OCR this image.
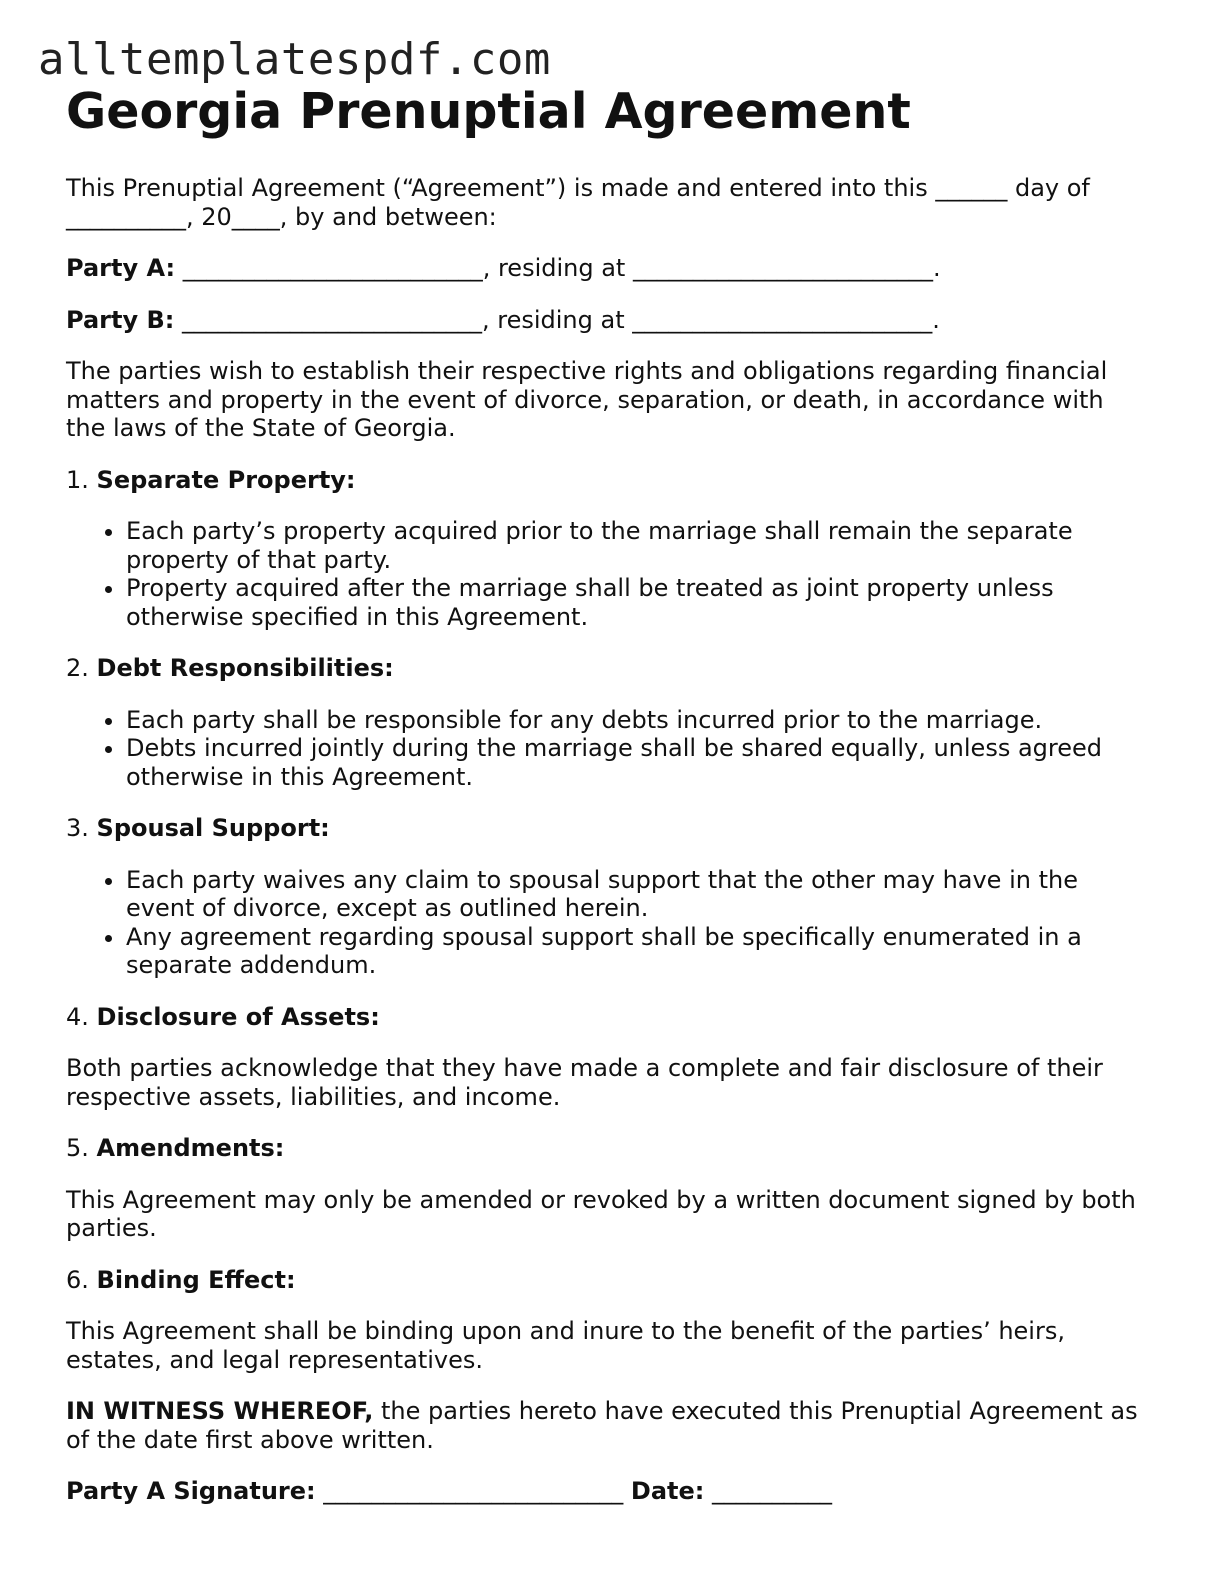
alltemplatespdf.com
Georgia Prenuptial Agreement

This Prenuptial Agreement (“Agreement”) is made and entered into this ______ day of __________, 20____, by and between:

Party A: _________________________, residing at _________________________.

Party B: _________________________, residing at _________________________.

The parties wish to establish their respective rights and obligations regarding financial matters and property in the event of divorce, separation, or death, in accordance with the laws of the State of Georgia.

1. Separate Property:
• Each party’s property acquired prior to the marriage shall remain the separate property of that party.
• Property acquired after the marriage shall be treated as joint property unless otherwise specified in this Agreement.
2. Debt Responsibilities:
• Each party shall be responsible for any debts incurred prior to the marriage.
• Debts incurred jointly during the marriage shall be shared equally, unless agreed otherwise in this Agreement.
3. Spousal Support:
• Each party waives any claim to spousal support that the other may have in the event of divorce, except as outlined herein.
• Any agreement regarding spousal support shall be specifically enumerated in a separate addendum.
4. Disclosure of Assets:

Both parties acknowledge that they have made a complete and fair disclosure of their respective assets, liabilities, and income.

5. Amendments:

This Agreement may only be amended or revoked by a written document signed by both parties.

6. Binding Effect:

This Agreement shall be binding upon and inure to the benefit of the parties’ heirs, estates, and legal representatives.

IN WITNESS WHEREOF, the parties hereto have executed this Prenuptial Agreement as of the date first above written.

Party A Signature: _________________________ Date: __________
